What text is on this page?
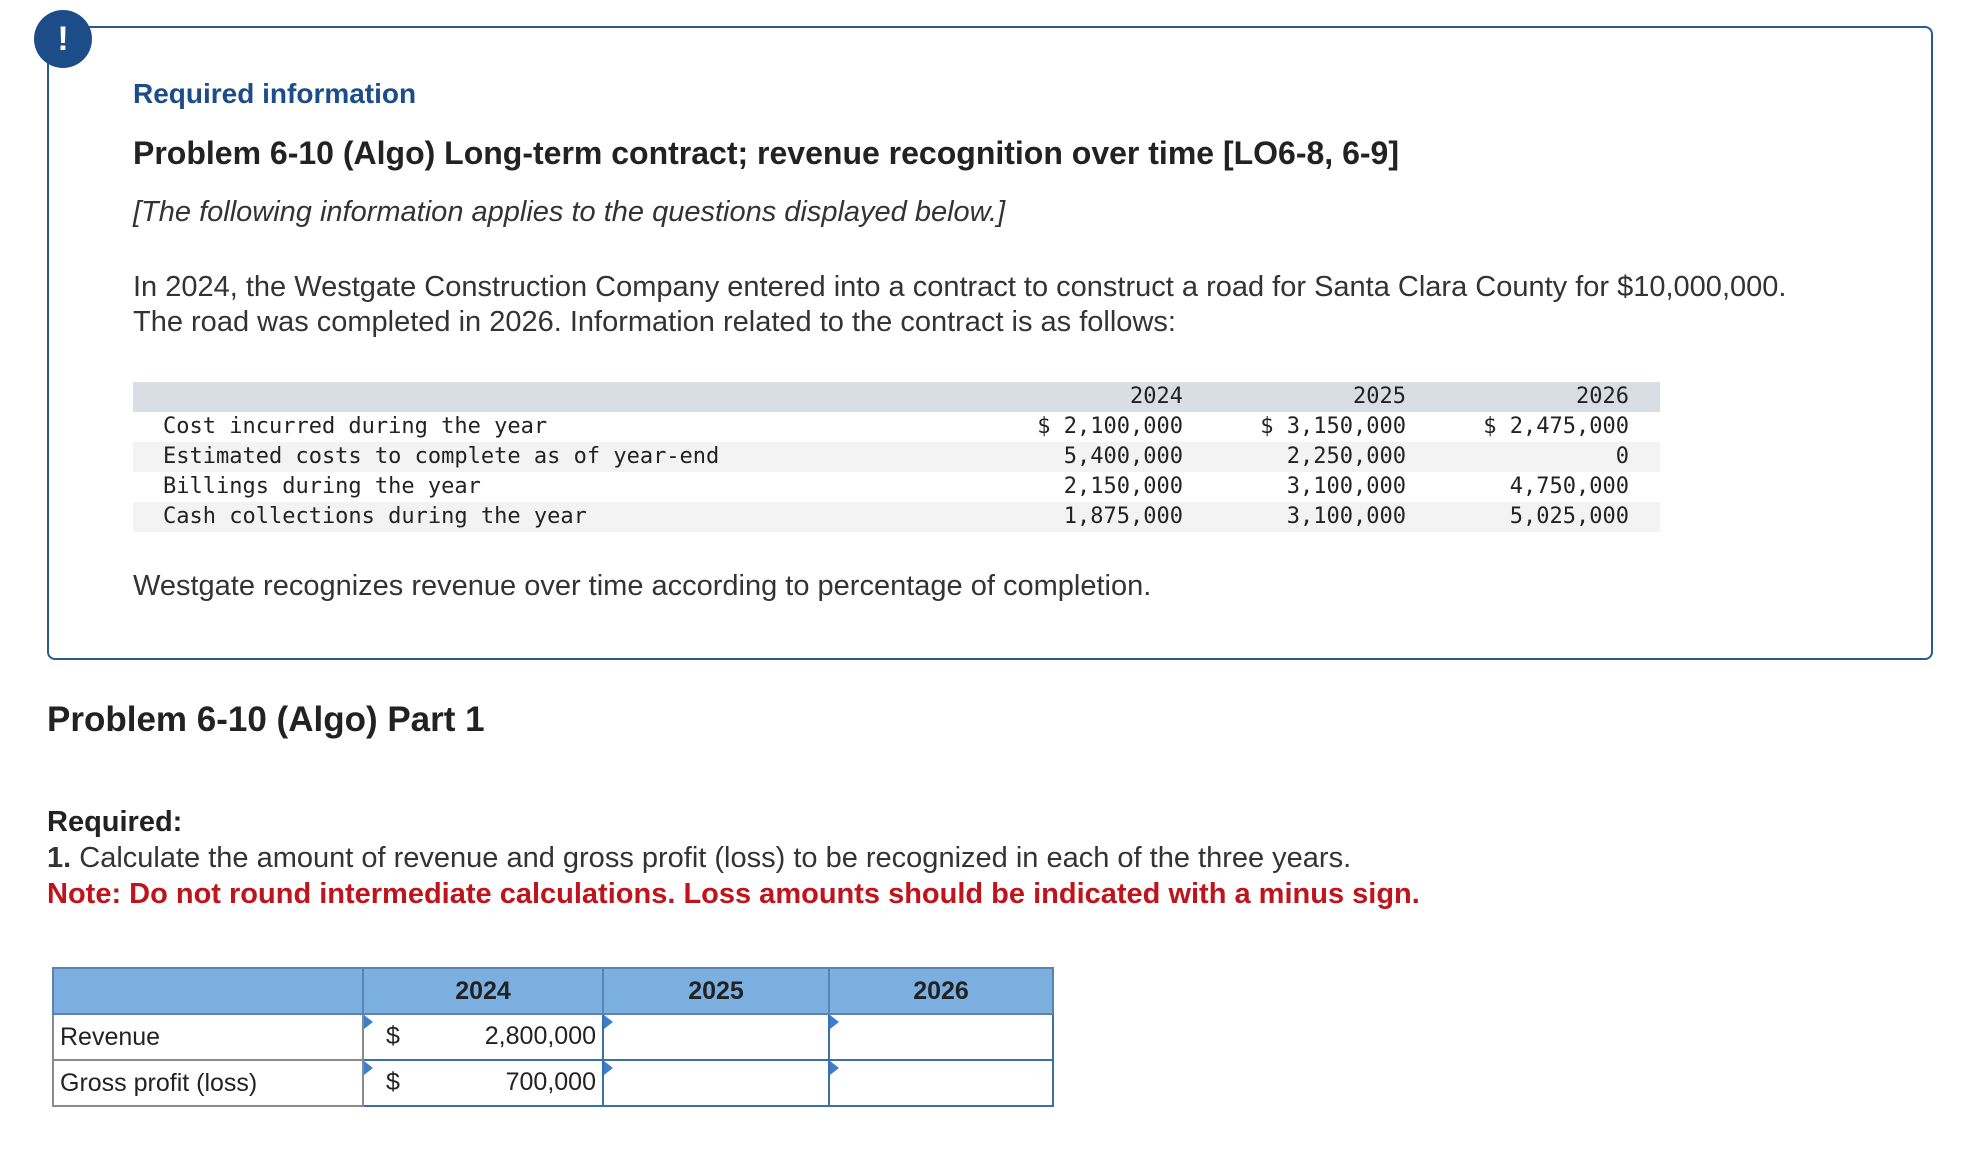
!
Required information
Problem 6-10 (Algo) Long-term contract; revenue recognition over time [LO6-8, 6-9]

[The following information applies to the questions displayed below.]

In 2024, the Westgate Construction Company entered into a contract to construct a road for Santa Clara County for $10,000,000. The road was completed in 2026. Information related to the contract is as follows:

2024	2025	2026
Cost incurred during the year	$ 2,100,000	$ 3,150,000	$ 2,475,000
Estimated costs to complete as of year-end	5,400,000	2,250,000	0
Billings during the year	2,150,000	3,100,000	4,750,000
Cash collections during the year	1,875,000	3,100,000	5,025,000

Westgate recognizes revenue over time according to percentage of completion.

Problem 6-10 (Algo) Part 1
Required:
1. Calculate the amount of revenue and gross profit (loss) to be recognized in each of the three years.
Note: Do not round intermediate calculations. Loss amounts should be indicated with a minus sign.
	2024	2025	2026
Revenue	$ 2,800,000		

Gross profit (loss)	$ 700,000		
